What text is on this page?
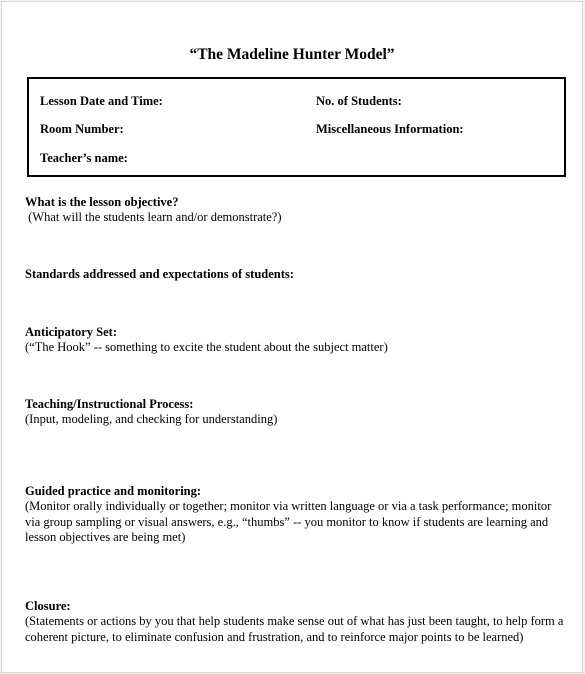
“The Madeline Hunter Model”
Lesson Date and Time:
Room Number:
Teacher’s name:
No. of Students:
Miscellaneous Information:

What is the lesson objective?

(What will the students learn and/or demonstrate?)

Standards addressed and expectations of students:

Anticipatory Set:

(“The Hook” -- something to excite the student about the subject matter)

Teaching/Instructional Process:

(Input, modeling, and checking for understanding)

Guided practice and monitoring:

(Monitor orally individually or together; monitor via written language or via a task performance; monitor via group sampling or visual answers, e.g., “thumbs” -- you monitor to know if students are learning and lesson objectives are being met)

Closure:

(Statements or actions by you that help students make sense out of what has just been taught, to help form a coherent picture, to eliminate confusion and frustration, and to reinforce major points to be learned)
